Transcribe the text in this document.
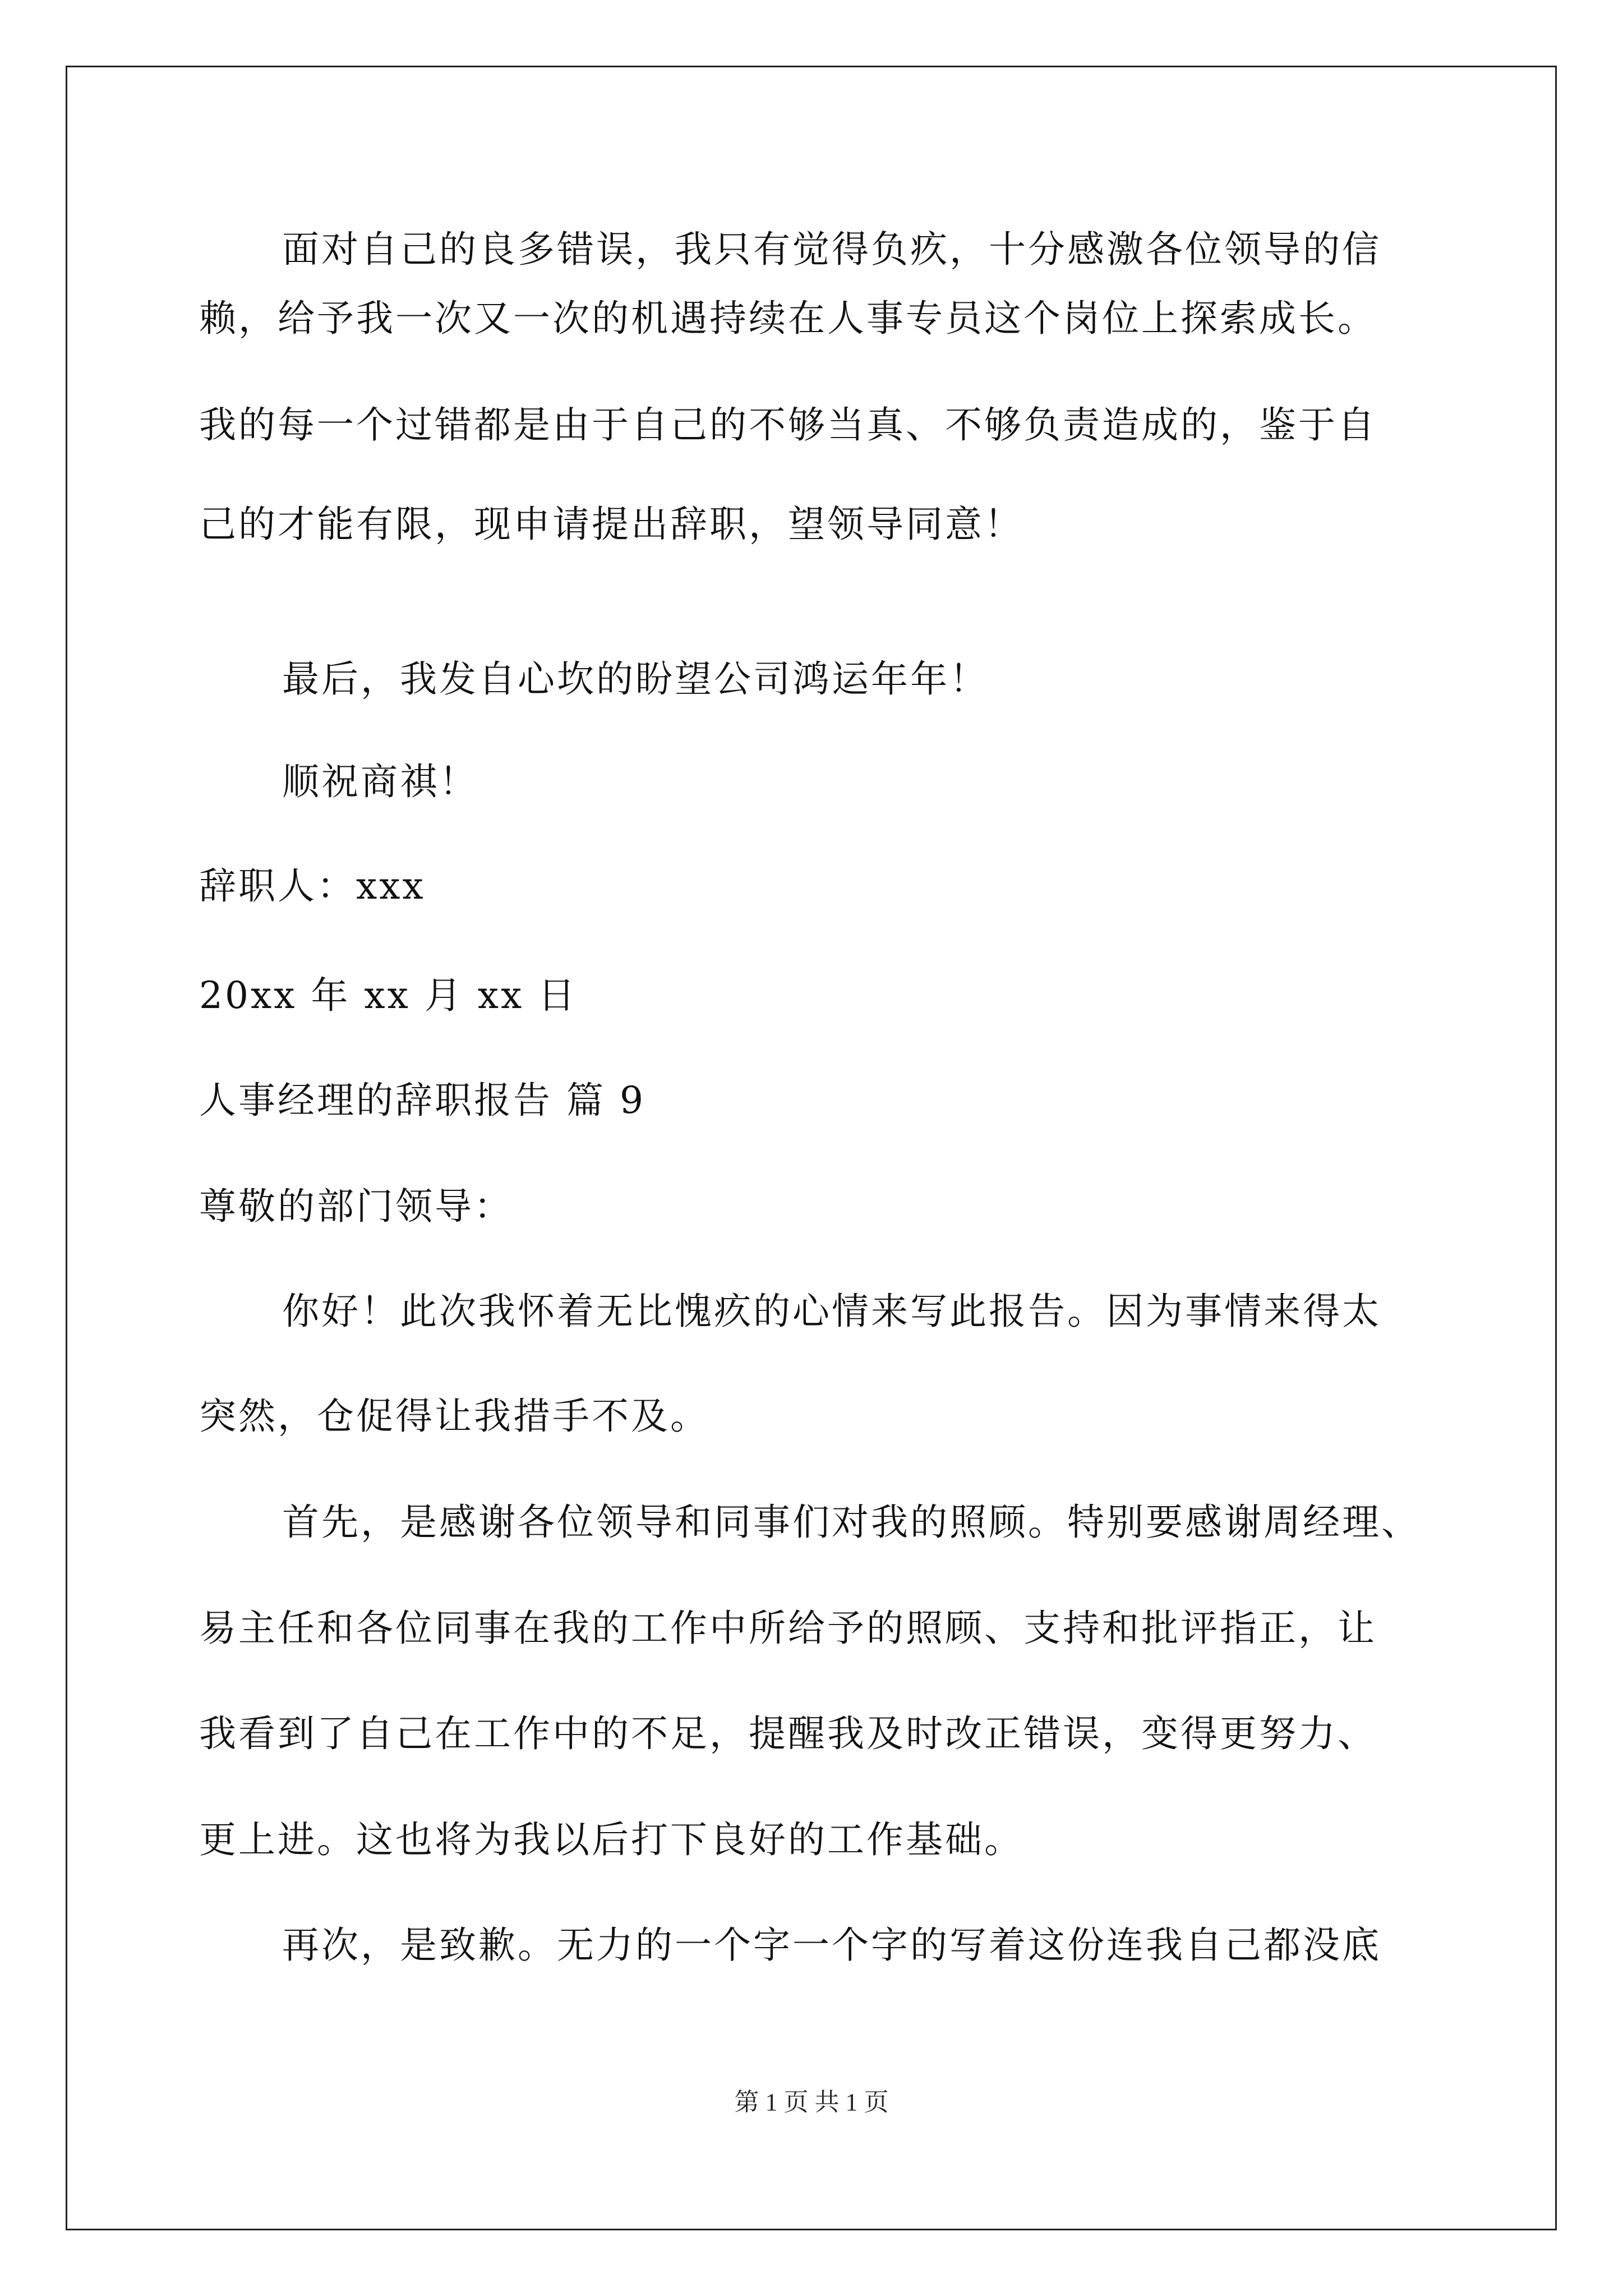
面对自己的良多错误，我只有觉得负疚，十分感激各位领导的信
赖，给予我一次又一次的机遇持续在人事专员这个岗位上探索成长。
我的每一个过错都是由于自己的不够当真、不够负责造成的，鉴于自
己的才能有限，现申请提出辞职，望领导同意！
最后，我发自心坎的盼望公司鸿运年年！
顺祝商祺！
辞职人：xxx
20xx 年 xx 月 xx 日
人事经理的辞职报告 篇 9
尊敬的部门领导：
你好！此次我怀着无比愧疚的心情来写此报告。因为事情来得太
突然，仓促得让我措手不及。
首先，是感谢各位领导和同事们对我的照顾。特别要感谢周经理、
易主任和各位同事在我的工作中所给予的照顾、支持和批评指正，让
我看到了自己在工作中的不足，提醒我及时改正错误，变得更努力、
更上进。这也将为我以后打下良好的工作基础。
再次，是致歉。无力的一个字一个字的写着这份连我自己都没底
第 1 页 共 1 页
